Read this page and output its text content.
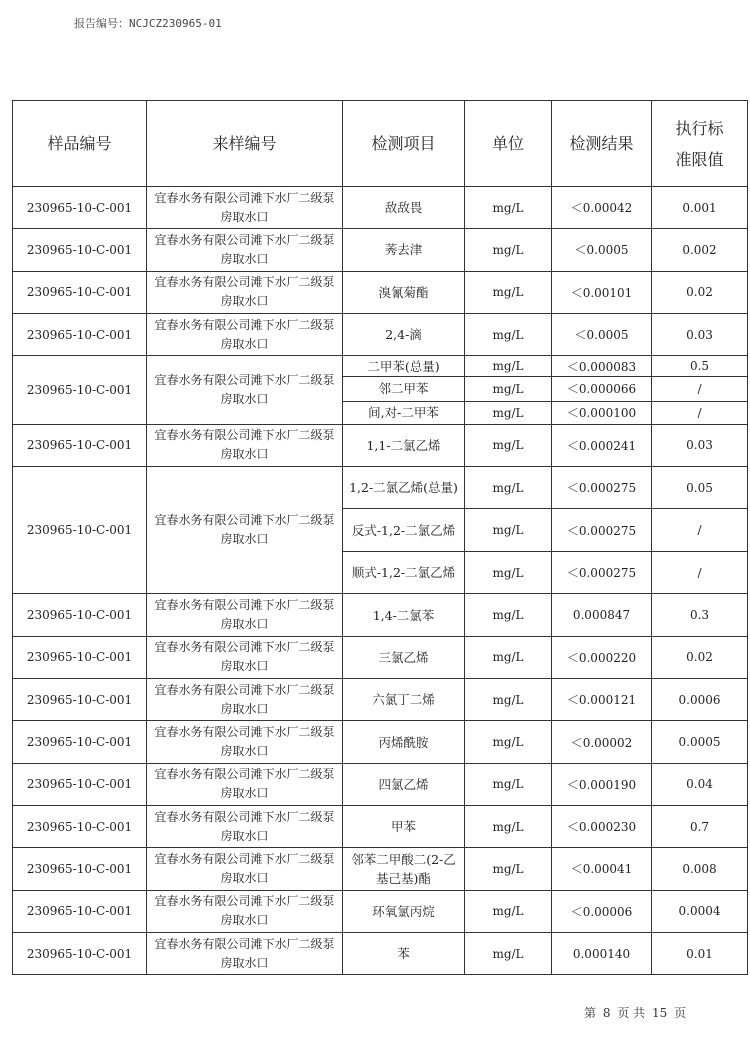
报告编号：NCJCZ230965-01
样品编号	来样编号	检测项目	单位	检测结果	执行标准限值
230965-10-C-001	宜春水务有限公司滩下水厂二级泵房取水口	敌敌畏	mg/L	＜0.00042	0.001
230965-10-C-001	宜春水务有限公司滩下水厂二级泵房取水口	莠去津	mg/L	＜0.0005	0.002
230965-10-C-001	宜春水务有限公司滩下水厂二级泵房取水口	溴氰菊酯	mg/L	＜0.00101	0.02
230965-10-C-001	宜春水务有限公司滩下水厂二级泵房取水口	2,4-滴	mg/L	＜0.0005	0.03
230965-10-C-001	宜春水务有限公司滩下水厂二级泵房取水口	二甲苯(总量)	mg/L	＜0.000083	0.5
		邻二甲苯	mg/L	＜0.000066	/
		间,对-二甲苯	mg/L	＜0.000100	/
230965-10-C-001	宜春水务有限公司滩下水厂二级泵房取水口	1,1-二氯乙烯	mg/L	＜0.000241	0.03
230965-10-C-001	宜春水务有限公司滩下水厂二级泵房取水口	1,2-二氯乙烯(总量)	mg/L	＜0.000275	0.05
		反式-1,2-二氯乙烯	mg/L	＜0.000275	/
		顺式-1,2-二氯乙烯	mg/L	＜0.000275	/
230965-10-C-001	宜春水务有限公司滩下水厂二级泵房取水口	1,4-二氯苯	mg/L	0.000847	0.3
230965-10-C-001	宜春水务有限公司滩下水厂二级泵房取水口	三氯乙烯	mg/L	＜0.000220	0.02
230965-10-C-001	宜春水务有限公司滩下水厂二级泵房取水口	六氯丁二烯	mg/L	＜0.000121	0.0006
230965-10-C-001	宜春水务有限公司滩下水厂二级泵房取水口	丙烯酰胺	mg/L	＜0.00002	0.0005
230965-10-C-001	宜春水务有限公司滩下水厂二级泵房取水口	四氯乙烯	mg/L	＜0.000190	0.04
230965-10-C-001	宜春水务有限公司滩下水厂二级泵房取水口	甲苯	mg/L	＜0.000230	0.7
230965-10-C-001	宜春水务有限公司滩下水厂二级泵房取水口	邻苯二甲酸二(2-乙基己基)酯	mg/L	＜0.00041	0.008
230965-10-C-001	宜春水务有限公司滩下水厂二级泵房取水口	环氧氯丙烷	mg/L	＜0.00006	0.0004
230965-10-C-001	宜春水务有限公司滩下水厂二级泵房取水口	苯	mg/L	0.000140	0.01
第 8 页 共 15 页
